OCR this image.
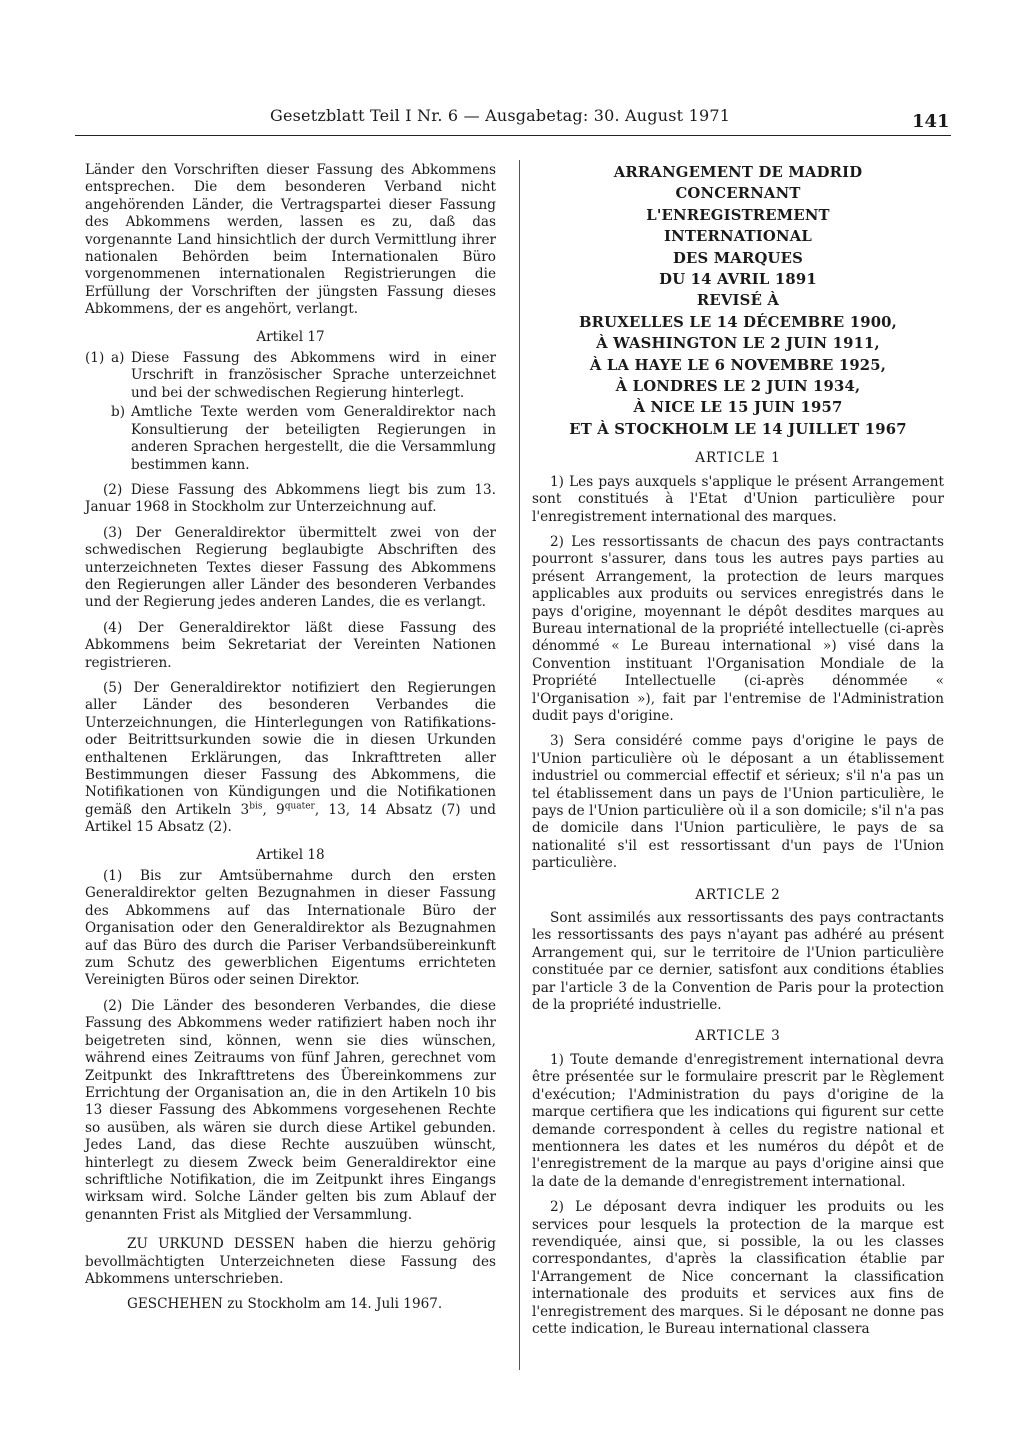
Gesetzblatt Teil I Nr. 6 — Ausgabetag: 30. August 1971	141

Länder den Vorschriften dieser Fassung des Abkommens entsprechen. Die dem besonderen Verband nicht angehörenden Länder, die Vertragspartei dieser Fassung des Abkommens werden, lassen es zu, daß das vorgenannte Land hinsichtlich der durch Vermittlung ihrer nationalen Behörden beim Internationalen Büro vorgenommenen internationalen Registrierungen die Erfüllung der Vorschriften der jüngsten Fassung dieses Abkommens, der es angehört, verlangt.

Artikel 17
(1) a) Diese Fassung des Abkommens wird in einer Urschrift in französischer Sprache unterzeichnet und bei der schwedischen Regierung hinterlegt.
b) Amtliche Texte werden vom Generaldirektor nach Konsultierung der beteiligten Regierungen in anderen Sprachen hergestellt, die die Versammlung bestimmen kann.

(2) Diese Fassung des Abkommens liegt bis zum 13. Januar 1968 in Stockholm zur Unterzeichnung auf.

(3) Der Generaldirektor übermittelt zwei von der schwedischen Regierung beglaubigte Abschriften des unterzeichneten Textes dieser Fassung des Abkommens den Regierungen aller Länder des besonderen Verbandes und der Regierung jedes anderen Landes, die es verlangt.

(4) Der Generaldirektor läßt diese Fassung des Abkommens beim Sekretariat der Vereinten Nationen registrieren.

(5) Der Generaldirektor notifiziert den Regierungen aller Länder des besonderen Verbandes die Unterzeichnungen, die Hinterlegungen von Ratifikations- oder Beitrittsurkunden sowie die in diesen Urkunden enthaltenen Erklärungen, das Inkrafttreten aller Bestimmungen dieser Fassung des Abkommens, die Notifikationen von Kündigungen und die Notifikationen gemäß den Artikeln $3^{bis}$, $9^{quater}$, 13, 14 Absatz (7) und Artikel 15 Absatz (2).

Artikel 18

(1) Bis zur Amtsübernahme durch den ersten Generaldirektor gelten Bezugnahmen in dieser Fassung des Abkommens auf das Internationale Büro der Organisation oder den Generaldirektor als Bezugnahmen auf das Büro des durch die Pariser Verbandsübereinkunft zum Schutz des gewerblichen Eigentums errichteten Vereinigten Büros oder seinen Direktor.

(2) Die Länder des besonderen Verbandes, die diese Fassung des Abkommens weder ratifiziert haben noch ihr beigetreten sind, können, wenn sie dies wünschen, während eines Zeitraums von fünf Jahren, gerechnet vom Zeitpunkt des Inkrafttretens des Übereinkommens zur Errichtung der Organisation an, die in den Artikeln 10 bis 13 dieser Fassung des Abkommens vorgesehenen Rechte so ausüben, als wären sie durch diese Artikel gebunden. Jedes Land, das diese Rechte auszuüben wünscht, hinterlegt zu diesem Zweck beim Generaldirektor eine schriftliche Notifikation, die im Zeitpunkt ihres Eingangs wirksam wird. Solche Länder gelten bis zum Ablauf der genannten Frist als Mitglied der Versammlung.

ZU URKUND DESSEN haben die hierzu gehörig bevollmächtigten Unterzeichneten diese Fassung des Abkommens unterschrieben.

GESCHEHEN zu Stockholm am 14. Juli 1967.

ARRANGEMENT DE MADRID
CONCERNANT
L'ENREGISTREMENT
INTERNATIONAL
DES MARQUES
DU 14 AVRIL 1891
REVISÉ À
BRUXELLES LE 14 DÉCEMBRE 1900,
À WASHINGTON LE 2 JUIN 1911,
À LA HAYE LE 6 NOVEMBRE 1925,
À LONDRES LE 2 JUIN 1934,
À NICE LE 15 JUIN 1957
ET À STOCKHOLM LE 14 JUILLET 1967
ARTICLE 1

1) Les pays auxquels s'applique le présent Arrangement sont constitués à l'Etat d'Union particulière pour l'enregistrement international des marques.

2) Les ressortissants de chacun des pays contractants pourront s'assurer, dans tous les autres pays parties au présent Arrangement, la protection de leurs marques applicables aux produits ou services enregistrés dans le pays d'origine, moyennant le dépôt desdites marques au Bureau international de la propriété intellectuelle (ci-après dénommé « Le Bureau international ») visé dans la Convention instituant l'Organisation Mondiale de la Propriété Intellectuelle (ci-après dénommée « l'Organisation »), fait par l'entremise de l'Administration dudit pays d'origine.

3) Sera considéré comme pays d'origine le pays de l'Union particulière où le déposant a un établissement industriel ou commercial effectif et sérieux; s'il n'a pas un tel établissement dans un pays de l'Union particulière, le pays de l'Union particulière où il a son domicile; s'il n'a pas de domicile dans l'Union particulière, le pays de sa nationalité s'il est ressortissant d'un pays de l'Union particulière.

ARTICLE 2

Sont assimilés aux ressortissants des pays contractants les ressortissants des pays n'ayant pas adhéré au présent Arrangement qui, sur le territoire de l'Union particulière constituée par ce dernier, satisfont aux conditions établies par l'article 3 de la Convention de Paris pour la protection de la propriété industrielle.

ARTICLE 3

1) Toute demande d'enregistrement international devra être présentée sur le formulaire prescrit par le Règlement d'exécution; l'Administration du pays d'origine de la marque certifiera que les indications qui figurent sur cette demande correspondent à celles du registre national et mentionnera les dates et les numéros du dépôt et de l'enregistrement de la marque au pays d'origine ainsi que la date de la demande d'enregistrement international.

2) Le déposant devra indiquer les produits ou les services pour lesquels la protection de la marque est revendiquée, ainsi que, si possible, la ou les classes correspondantes, d'après la classification établie par l'Arrangement de Nice concernant la classification internationale des produits et services aux fins de l'enregistrement des marques. Si le déposant ne donne pas cette indication, le Bureau international classera
